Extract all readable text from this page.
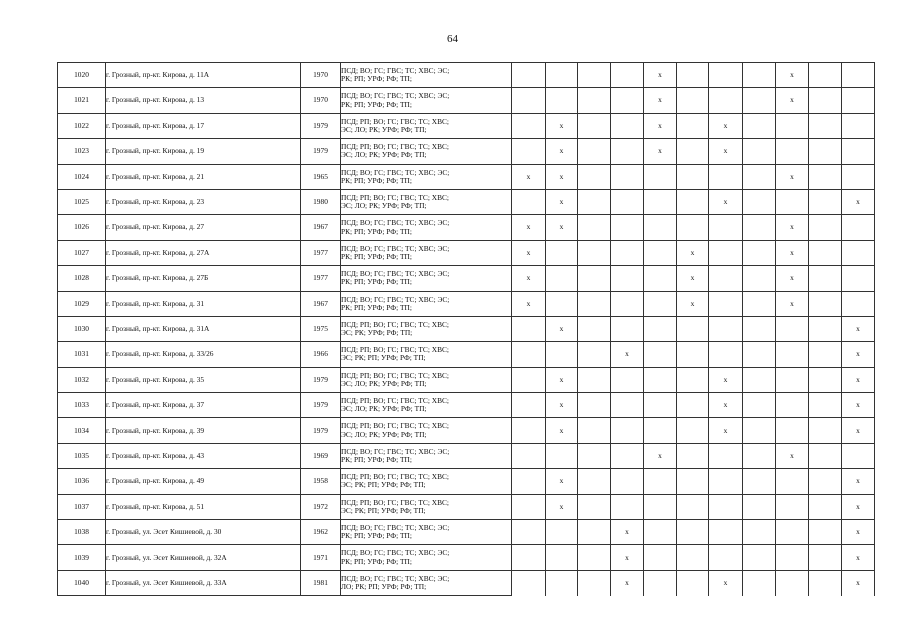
64
1020	г. Грозный, пр-кт. Кирова, д. 11А	1970	ПСД; ВО; ГС; ГВС; ТС; ХВС; ЭС;
РК; РП; УРФ; РФ; ТП;					x				x		
1021	г. Грозный, пр-кт. Кирова, д. 13	1970	ПСД; ВО; ГС; ГВС; ТС; ХВС; ЭС;
РК; РП; УРФ; РФ; ТП;					x				x		
1022	г. Грозный, пр-кт. Кирова, д. 17	1979	ПСД; РП; ВО; ГС; ГВС; ТС; ХВС;
ЭС; ЛО; РК; УРФ; РФ; ТП;		x			x		x				
1023	г. Грозный, пр-кт. Кирова, д. 19	1979	ПСД; РП; ВО; ГС; ГВС; ТС; ХВС;
ЭС; ЛО; РК; УРФ; РФ; ТП;		x			x		x				
1024	г. Грозный, пр-кт. Кирова, д. 21	1965	ПСД; ВО; ГС; ГВС; ТС; ХВС; ЭС;
РК; РП; УРФ; РФ; ТП;	x	x							x		
1025	г. Грозный, пр-кт. Кирова, д. 23	1980	ПСД; РП; ВО; ГС; ГВС; ТС; ХВС;
ЭС; ЛО; РК; УРФ; РФ; ТП;		x					x				x
1026	г. Грозный, пр-кт. Кирова, д. 27	1967	ПСД; ВО; ГС; ГВС; ТС; ХВС; ЭС;
РК; РП; УРФ; РФ; ТП;	x	x							x		
1027	г. Грозный, пр-кт. Кирова, д. 27А	1977	ПСД; ВО; ГС; ГВС; ТС; ХВС; ЭС;
РК; РП; УРФ; РФ; ТП;	x					x			x		
1028	г. Грозный, пр-кт. Кирова, д. 27Б	1977	ПСД; ВО; ГС; ГВС; ТС; ХВС; ЭС;
РК; РП; УРФ; РФ; ТП;	x					x			x		
1029	г. Грозный, пр-кт. Кирова, д. 31	1967	ПСД; ВО; ГС; ГВС; ТС; ХВС; ЭС;
РК; РП; УРФ; РФ; ТП;	x					x			x		
1030	г. Грозный, пр-кт. Кирова, д. 31А	1975	ПСД; РП; ВО; ГС; ГВС; ТС; ХВС;
ЭС; РК; УРФ; РФ; ТП;		x									x
1031	г. Грозный, пр-кт. Кирова, д. 33/26	1966	ПСД; РП; ВО; ГС; ГВС; ТС; ХВС;
ЭС; РК; РП; УРФ; РФ; ТП;				x							x
1032	г. Грозный, пр-кт. Кирова, д. 35	1979	ПСД; РП; ВО; ГС; ГВС; ТС; ХВС;
ЭС; ЛО; РК; УРФ; РФ; ТП;		x					x				x
1033	г. Грозный, пр-кт. Кирова, д. 37	1979	ПСД; РП; ВО; ГС; ГВС; ТС; ХВС;
ЭС; ЛО; РК; УРФ; РФ; ТП;		x					x				x
1034	г. Грозный, пр-кт. Кирова, д. 39	1979	ПСД; РП; ВО; ГС; ГВС; ТС; ХВС;
ЭС; ЛО; РК; УРФ; РФ; ТП;		x					x				x
1035	г. Грозный, пр-кт. Кирова, д. 43	1969	ПСД; ВО; ГС; ГВС; ТС; ХВС; ЭС;
РК; РП; УРФ; РФ; ТП;					x				x		
1036	г. Грозный, пр-кт. Кирова, д. 49	1958	ПСД; РП; ВО; ГС; ГВС; ТС; ХВС;
ЭС; РК; РП; УРФ; РФ; ТП;		x									x
1037	г. Грозный, пр-кт. Кирова, д. 51	1972	ПСД; РП; ВО; ГС; ГВС; ТС; ХВС;
ЭС; РК; РП; УРФ; РФ; ТП;		x									x
1038	г. Грозный, ул. Эсет Кишиевой, д. 30	1962	ПСД; ВО; ГС; ГВС; ТС; ХВС; ЭС;
РК; РП; УРФ; РФ; ТП;				x							x
1039	г. Грозный, ул. Эсет Кишиевой, д. 32А	1971	ПСД; ВО; ГС; ГВС; ТС; ХВС; ЭС;
РК; РП; УРФ; РФ; ТП;				x							x
1040	г. Грозный, ул. Эсет Кишиевой, д. 33А	1981	ПСД; ВО; ГС; ГВС; ТС; ХВС; ЭС;
ЛО; РК; РП; УРФ; РФ; ТП;				x			x				x
